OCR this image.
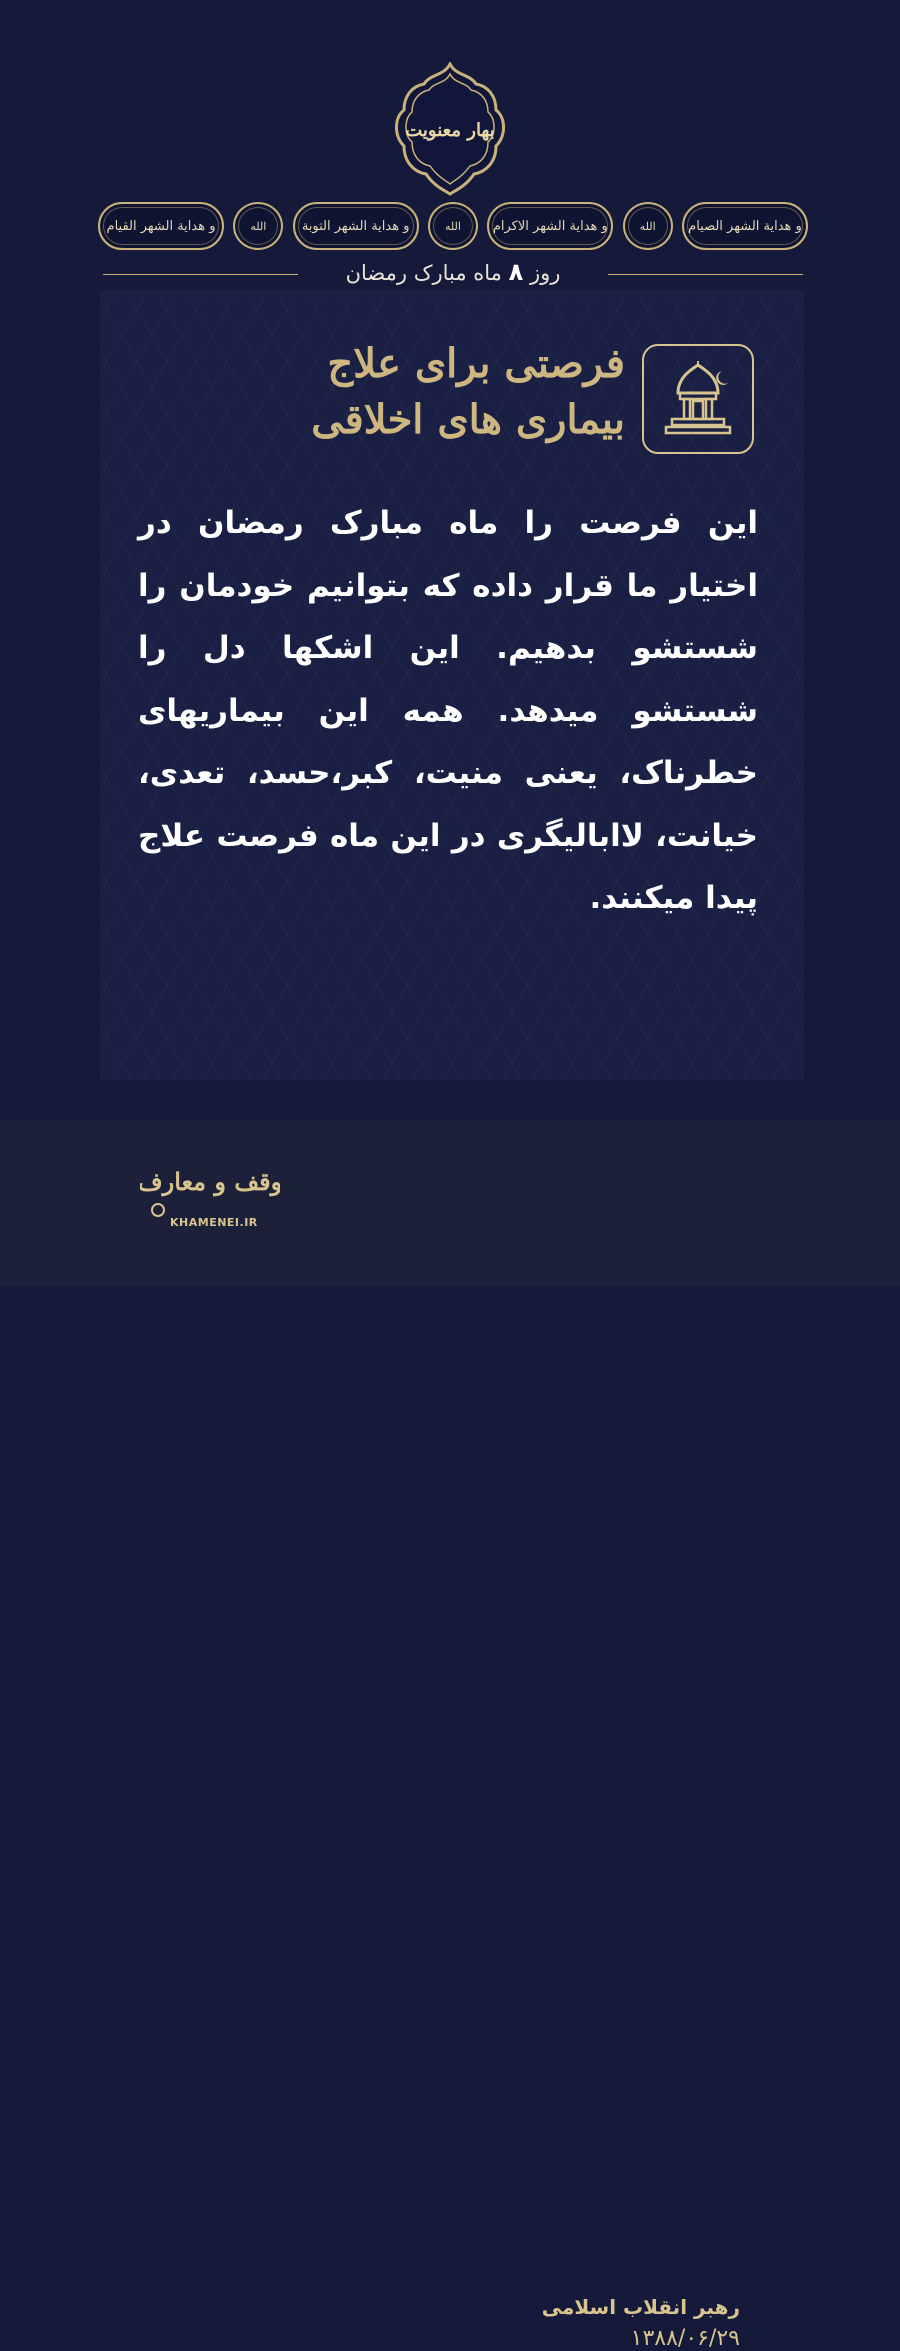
بهار معنویت
و هدایة الشهر القیام	الله	و هدایة الشهر التوبة	الله	و هدایة الشهر الاکرام	الله	و هدایة الشهر الصیام
روز ۸ ماه مبارک رمضان
فرصتی برای علاج
بیماری های اخلاقی
این فرصت را ماه مبارک رمضان در اختیار ما قرار داده که بتوانیم خودمان را شستشو بدهیم. این اشکها دل را شستشو میدهد. همه این بیماریهای خطرناک، یعنی منیت، کبر،حسد، تعدی، خیانت، لاابالیگری در این ماه فرصت علاج پیدا میکنند.
رهبر انقلاب اسلامی
۱۳۸۸/۰۶/۲۹
وقف و معارف
KHAMENEI.IR
